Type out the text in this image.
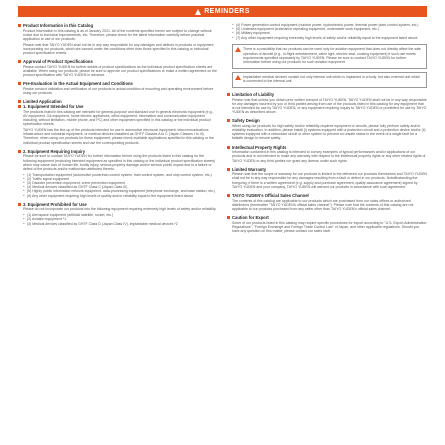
REMINDERS
Product Information in this Catalog

Product information in this catalog is as of January 2021. All of the contents specified herein are subject to change without notice due to technical improvements, etc. Therefore, please check for the latest information carefully before practical application or use of our products.

Please note that TAIYO YUDEN shall not be in any way responsible for any damages and defects in products or equipment incorporating our products, which are caused under the conditions other than those specified in this catalog or individual product specification sheets.

Approval of Product Specifications

Please contact TAIYO YUDEN for further details of product specifications as the individual product specification sheets are available. When using our products, please be sure to approve our product specifications or make a written agreement on the product specification with TAIYO YUDEN in advance.

Pre-Evaluation in the Actual Equipment and Conditions

Please conduct validation and verification of our products in actual condition of mounting and operating environment before using our products.

Limited Application
1. Equipment Intended for Use

The products listed in this catalog are intended for general-purpose and standard use in general electronic equipment (e.g., AV equipment, OA equipment, home electric appliances, office equipment, information and communication equipment including, without limitation, mobile phone, and PC) and other equipment specified in this catalog or the individual product specification sheets.

TAIYO YUDEN has the line-up of the products intended for use in automotive electronic equipment, telecommunications infrastructure and industrial equipment, or medical devices classified as GHTF Classes A to C (Japan Classes I to III). Therefore, when using our products for these equipment, please check available applications specified in this catalog or the individual product specification sheets and use the corresponding products.

2. Equipment Requiring Inquiry

Please be sure to contact TAIYO YUDEN for further information before using the products listed in this catalog for the following equipment (excluding intended equipment as specified in this catalog or the individual product specification sheets) which may cause loss of human life, bodily injury, serious property damage and/or serious public impact due to a failure or defect of the products and/or malfunction attributed thereto.

● (1) Transportation equipment (automotive powertrain control system, train control system, and ship control system, etc.)
● (2) Traffic signal equipment
● (3) Disaster prevention equipment, crime prevention equipment
● (4) Medical devices classified as GHTF Class C (Japan Class III)
● (5) Highly public information network equipment, data-processing equipment (telephone exchange, and base station, etc.)
● (6) Any other equipment requiring high levels of quality and/or reliability equal to the equipment listed above
3. Equipment Prohibited for Use

Please do not incorporate our products into the following equipment requiring extremely high levels of safety and/or reliability.

● (1) Aerospace equipment (artificial satellite, rocket, etc.)
● (2) Aviation equipment *1
● (3) Medical devices classified as GHTF Class D (Japan Class IV), implantable medical devices *2
● (4) Power generation control equipment (nuclear power, hydroelectric power, thermal power plant control system, etc.)
● (5) Undersea equipment (submarine repeating equipment, underwater work equipment, etc.)
● (6) Military equipment
● (7) Any other equipment requiring extremely high levels of safety and/or reliability equal to the equipment listed above

There is a possibility that our products can be used only for aviation equipment that does not directly affect the safe operation of aircraft (e.g., in-flight entertainment, cabin light, electric seat, cooking equipment) if such use meets requirements specified separately by TAIYO YUDEN. Please be sure to contact TAIYO YUDEN for further information before using our products for such aviation equipment.

Implantable medical devices contain not only internal unit which is implanted in a body, but also external unit which is connected to the internal unit.

Limitation of Liability

Please note that unless you obtain prior written consent of TAIYO YUDEN, TAIYO YUDEN shall not be in any way responsible for any damages incurred by you or third parties arising from use of the products listed in this catalog for any equipment that is not intended for use by TAIYO YUDEN, or any equipment requiring inquiry to TAIYO YUDEN or prohibited for use by TAIYO YUDEN as described above.

Safety Design

When using our products for high safety and/or reliability-required equipment or circuits, please fully perform safety and/or reliability evaluation. In addition, please install (i) systems equipped with a protection circuit and a protection device and/or (ii) systems equipped with a redundant circuit or other system to prevent an unsafe status in the event of a single fault for a failsafe design to ensure safety.

Intellectual Property Rights

Information contained in this catalog is intended to convey examples of typical performances and/or applications of our products and is not intended to make any warranty with respect to the intellectual property rights or any other related rights of TAIYO YUDEN or any third parties nor grant any license under such rights.

Limited Warranty

Please note that the scope of warranty for our products is limited to the delivered our products themselves and TAIYO YUDEN shall not be in any way responsible for any damages resulting from a fault or defect in our products. Notwithstanding the foregoing, if there is a written agreement (e.g. supply and purchase agreement, quality assurance agreement) signed by TAIYO YUDEN and your company, TAIYO YUDEN will warrant our products in accordance with such agreement.

TAIYO YUDEN's Official Sales Channel

The contents of this catalog are applicable to our products which are purchased from our sales offices or authorized distributors (hereinafter "TAIYO YUDEN's official sales channel"). Please note that the contents of this catalog are not applicable to our products purchased from any seller other than TAIYO YUDEN's official sales channel.

Caution for Export

Some of our products listed in this catalog may require specific procedures for export according to "U.S. Export Administration Regulations", "Foreign Exchange and Foreign Trade Control Law" of Japan, and other applicable regulations. Should you have any question on this matter, please contact our sales staff.
